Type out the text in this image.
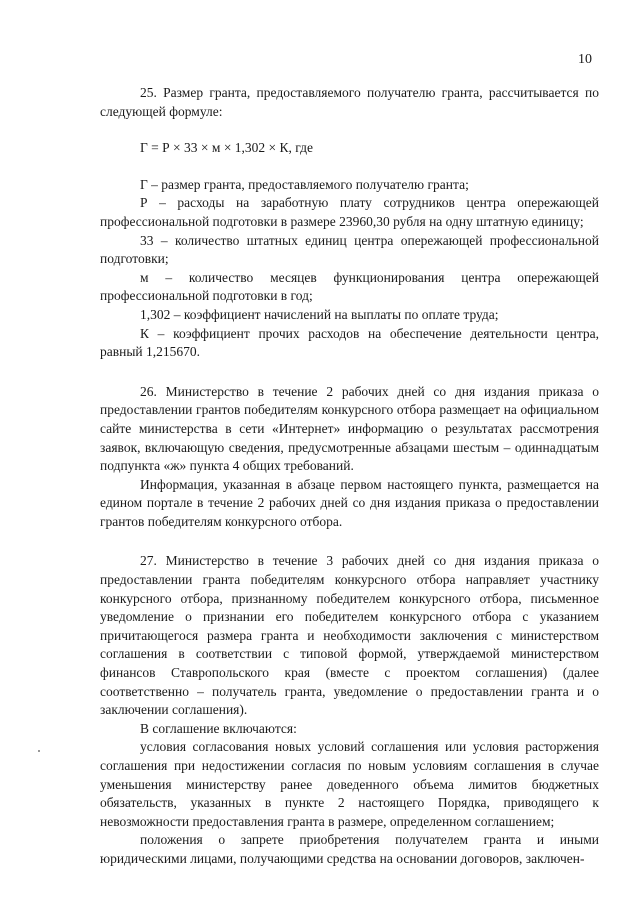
10

25. Размер гранта, предоставляемого получателю гранта, рассчитывается по следующей формуле:

Г = Р × 33 × м × 1,302 × К, где

Г – размер гранта, предоставляемого получателю гранта;

Р – расходы на заработную плату сотрудников центра опережающей профессиональной подготовки в размере 23960,30 рубля на одну штатную единицу;

33 – количество штатных единиц центра опережающей профессиональной подготовки;

м – количество месяцев функционирования центра опережающей профессиональной подготовки в год;

1,302 – коэффициент начислений на выплаты по оплате труда;

К – коэффициент прочих расходов на обеспечение деятельности центра, равный 1,215670.

26. Министерство в течение 2 рабочих дней со дня издания приказа о предоставлении грантов победителям конкурсного отбора размещает на официальном сайте министерства в сети «Интернет» информацию о результатах рассмотрения заявок, включающую сведения, предусмотренные абзацами шестым – одиннадцатым подпункта «ж» пункта 4 общих требований.

Информация, указанная в абзаце первом настоящего пункта, размещается на едином портале в течение 2 рабочих дней со дня издания приказа о предоставлении грантов победителям конкурсного отбора.

27. Министерство в течение 3 рабочих дней со дня издания приказа о предоставлении гранта победителям конкурсного отбора направляет участнику конкурсного отбора, признанному победителем конкурсного отбора, письменное уведомление о признании его победителем конкурсного отбора с указанием причитающегося размера гранта и необходимости заключения с министерством соглашения в соответствии с типовой формой, утверждаемой министерством финансов Ставропольского края (вместе с проектом соглашения) (далее соответственно – получатель гранта, уведомление о предоставлении гранта и о заключении соглашения).

В соглашение включаются:

условия согласования новых условий соглашения или условия расторжения соглашения при недостижении согласия по новым условиям соглашения в случае уменьшения министерству ранее доведенного объема лимитов бюджетных обязательств, указанных в пункте 2 настоящего Порядка, приводящего к невозможности предоставления гранта в размере, определенном соглашением;

положения о запрете приобретения получателем гранта и иными юридическими лицами, получающими средства на основании договоров, заключен-
